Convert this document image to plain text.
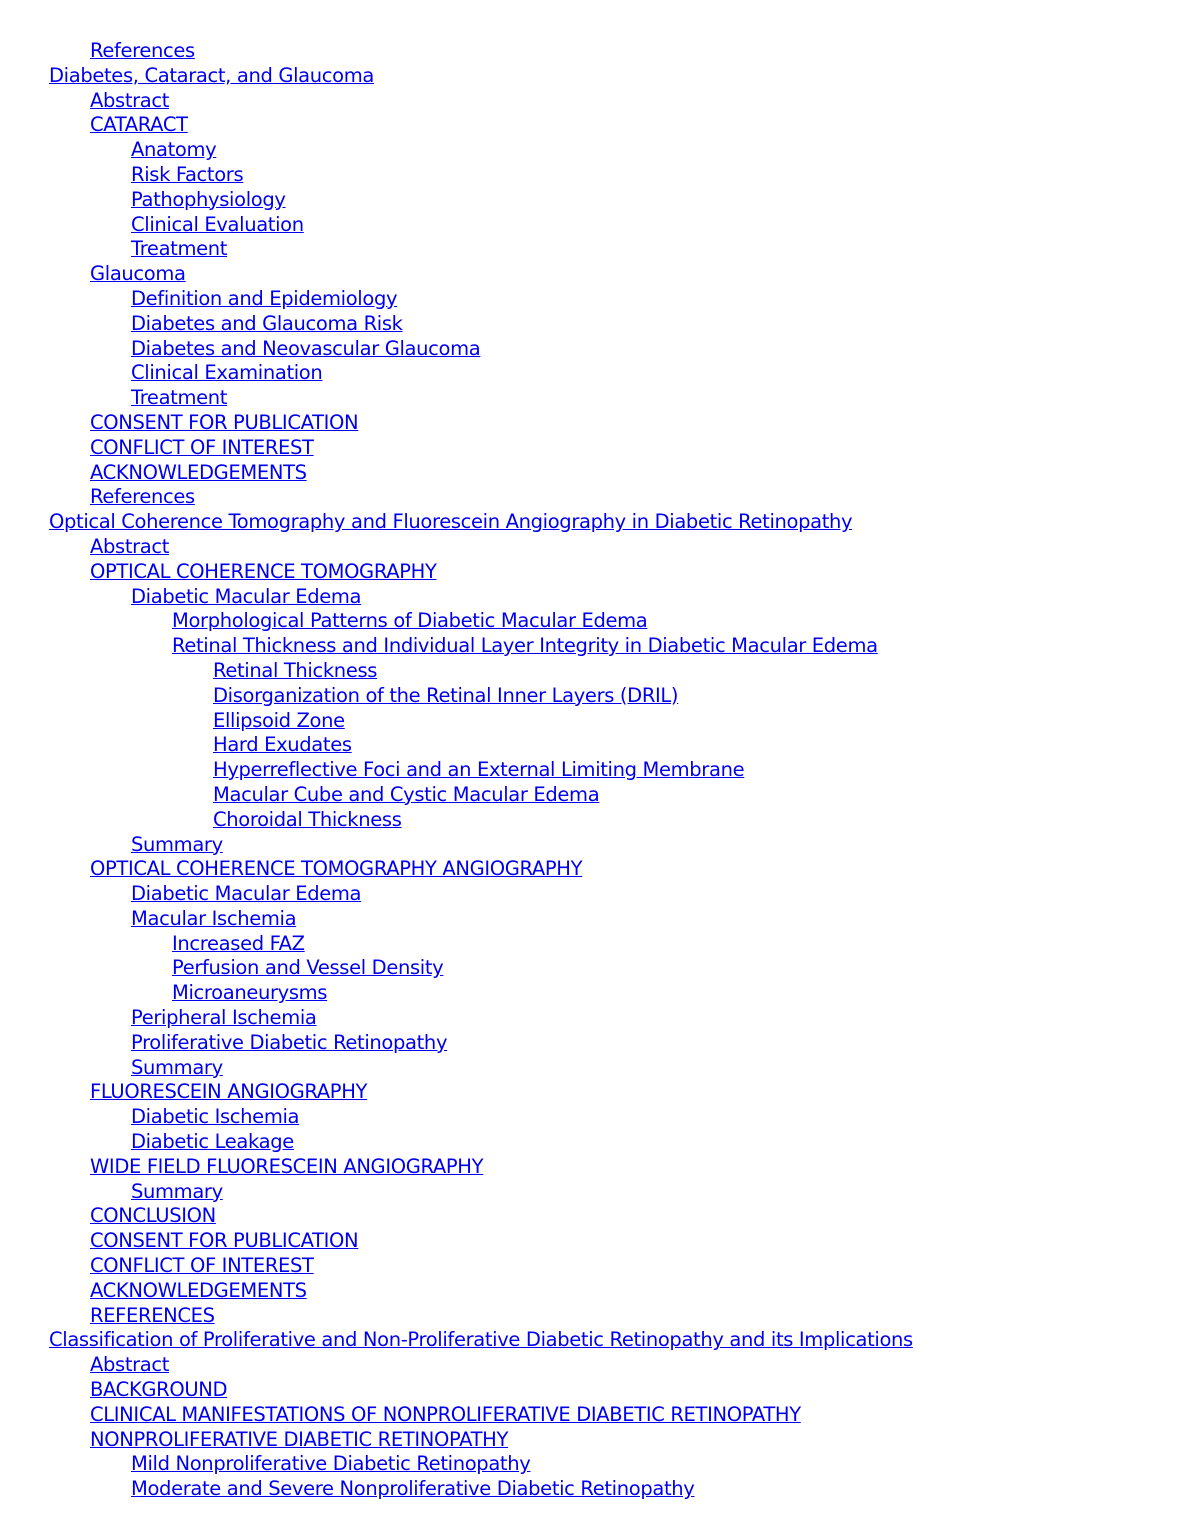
References
Diabetes, Cataract, and Glaucoma
Abstract
CATARACT
Anatomy
Risk Factors
Pathophysiology
Clinical Evaluation
Treatment
Glaucoma
Definition and Epidemiology
Diabetes and Glaucoma Risk
Diabetes and Neovascular Glaucoma
Clinical Examination
Treatment
CONSENT FOR PUBLICATION
CONFLICT OF INTEREST
ACKNOWLEDGEMENTS
References
Optical Coherence Tomography and Fluorescein Angiography in Diabetic Retinopathy
Abstract
OPTICAL COHERENCE TOMOGRAPHY
Diabetic Macular Edema
Morphological Patterns of Diabetic Macular Edema
Retinal Thickness and Individual Layer Integrity in Diabetic Macular Edema
Retinal Thickness
Disorganization of the Retinal Inner Layers (DRIL)
Ellipsoid Zone
Hard Exudates
Hyperreflective Foci and an External Limiting Membrane
Macular Cube and Cystic Macular Edema
Choroidal Thickness
Summary
OPTICAL COHERENCE TOMOGRAPHY ANGIOGRAPHY
Diabetic Macular Edema
Macular Ischemia
Increased FAZ
Perfusion and Vessel Density
Microaneurysms
Peripheral Ischemia
Proliferative Diabetic Retinopathy
Summary
FLUORESCEIN ANGIOGRAPHY
Diabetic Ischemia
Diabetic Leakage
WIDE FIELD FLUORESCEIN ANGIOGRAPHY
Summary
CONCLUSION
CONSENT FOR PUBLICATION
CONFLICT OF INTEREST
ACKNOWLEDGEMENTS
REFERENCES
Classification of Proliferative and Non-Proliferative Diabetic Retinopathy and its Implications
Abstract
BACKGROUND
CLINICAL MANIFESTATIONS OF NONPROLIFERATIVE DIABETIC RETINOPATHY
NONPROLIFERATIVE DIABETIC RETINOPATHY
Mild Nonproliferative Diabetic Retinopathy
Moderate and Severe Nonproliferative Diabetic Retinopathy
